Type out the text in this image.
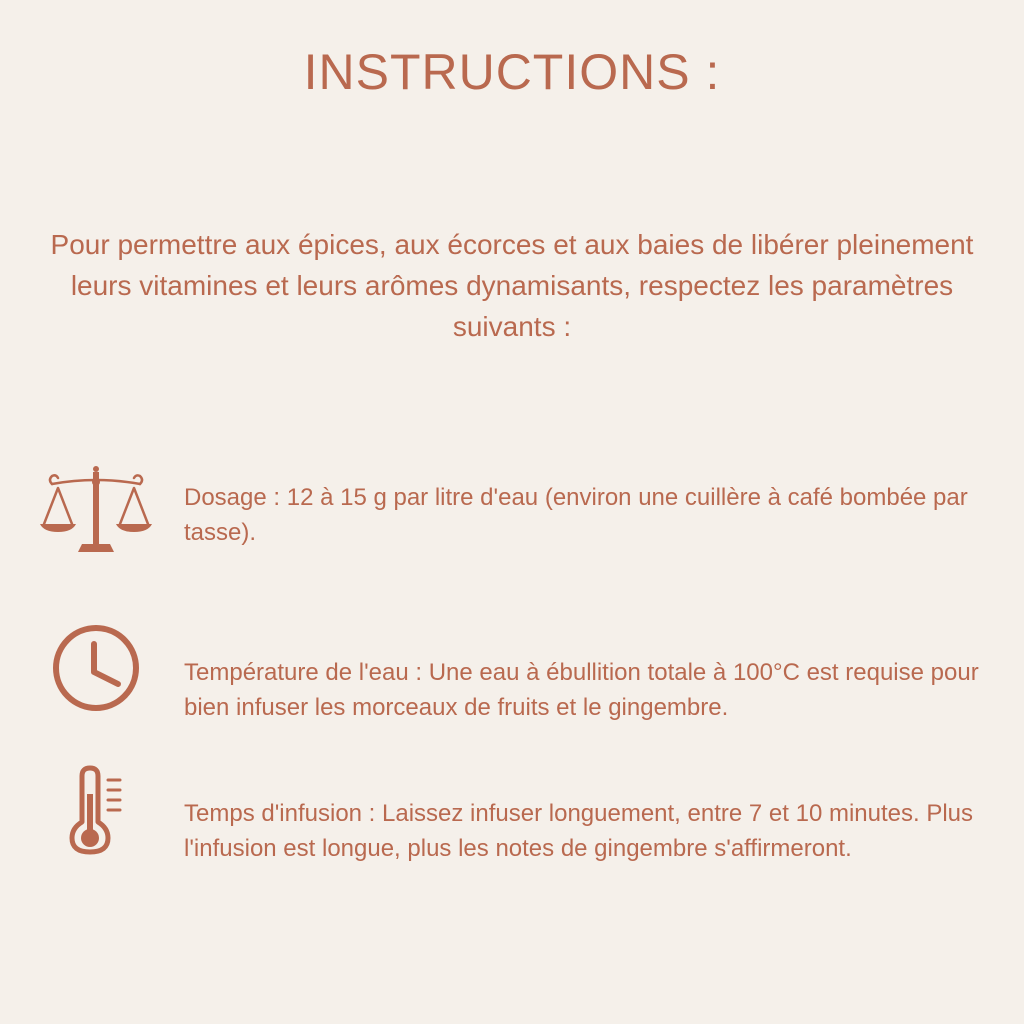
INSTRUCTIONS :
Pour permettre aux épices, aux écorces et aux baies de libérer pleinement leurs vitamines et leurs arômes dynamisants, respectez les paramètres suivants :
Dosage : 12 à 15 g par litre d'eau (environ une cuillère à café bombée par tasse).
Température de l'eau : Une eau à ébullition totale à 100°C est requise pour bien infuser les morceaux de fruits et le gingembre.
Temps d'infusion : Laissez infuser longuement, entre 7 et 10 minutes. Plus l'infusion est longue, plus les notes de gingembre s'affirmeront.
